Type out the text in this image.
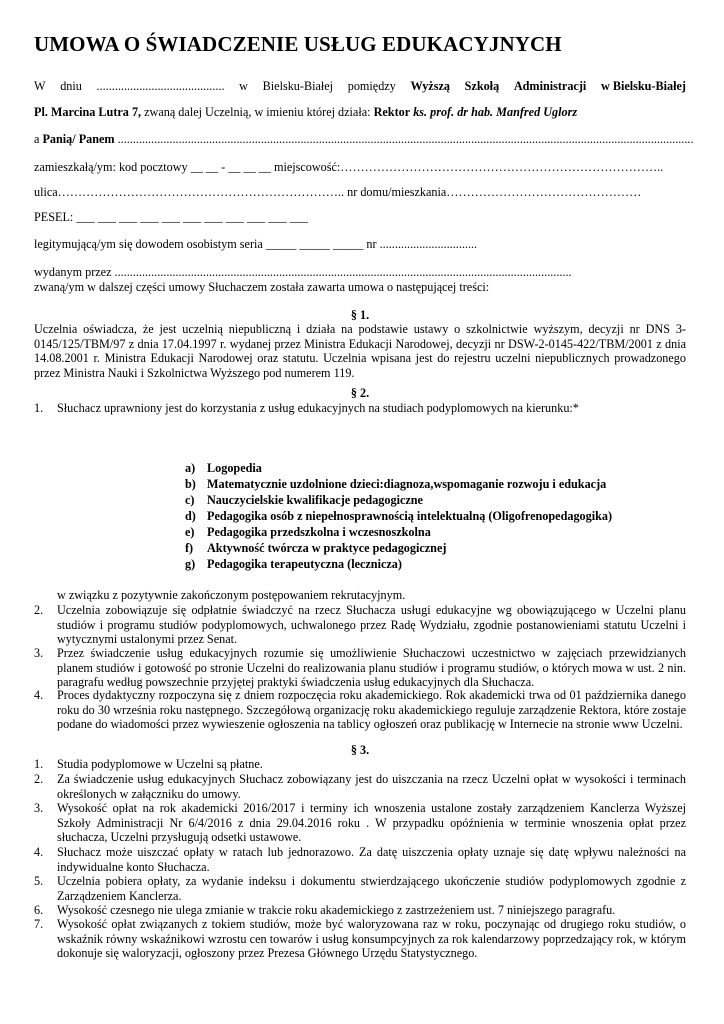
UMOWA O ŚWIADCZENIE USŁUG EDUKACYJNYCH
W dniu .......................................... w Bielsku-Białej pomiędzy Wyższą Szkołą Administracji w Bielsku-Białej
Pl. Marcina Lutra 7, zwaną dalej Uczelnią, w imieniu której działa: Rektor ks. prof. dr hab. Manfred Uglorz
a Panią/ Panem .............................................................................................................................................................................................
zamieszkałą/ym: kod pocztowy __ __ - __ __ __ miejscowość:……………………………………………………………………..
ulica…………………………………………………………….. nr domu/mieszkania…………………………………………
PESEL: ___ ___ ___ ___ ___ ___ ___ ___ ___ ___ ___
legitymującą/ym się dowodem osobistym seria _____ _____ _____ nr ................................
wydanym przez ......................................................................................................................................................
zwaną/ym w dalszej części umowy Słuchaczem została zawarta umowa o następującej treści:
§ 1.
Uczelnia oświadcza, że jest uczelnią niepubliczną i działa na podstawie ustawy o szkolnictwie wyższym, decyzji nr DNS 3- 0145/125/TBM/97 z dnia 17.04.1997 r. wydanej przez Ministra Edukacji Narodowej, decyzji nr DSW-2-0145-422/TBM/2001 z dnia 14.08.2001 r. Ministra Edukacji Narodowej oraz statutu. Uczelnia wpisana jest do rejestru uczelni niepublicznych prowadzonego przez Ministra Nauki i Szkolnictwa Wyższego pod numerem 119.
§ 2.
1. Słuchacz uprawniony jest do korzystania z usług edukacyjnych na studiach podyplomowych na kierunku:*
a) Logopedia
b) Matematycznie uzdolnione dzieci:diagnoza,wspomaganie rozwoju i edukacja
c) Nauczycielskie kwalifikacje pedagogiczne
d) Pedagogika osób z niepełnosprawnością intelektualną (Oligofrenopedagogika)
e) Pedagogika przedszkolna i wczesnoszkolna
f) Aktywność twórcza w praktyce pedagogicznej
g) Pedagogika terapeutyczna (lecznicza)
w związku z pozytywnie zakończonym postępowaniem rekrutacyjnym.
2. Uczelnia zobowiązuje się odpłatnie świadczyć na rzecz Słuchacza usługi edukacyjne wg obowiązującego w Uczelni planu studiów i programu studiów podyplomowych, uchwalonego przez Radę Wydziału, zgodnie postanowieniami statutu Uczelni i wytycznymi ustalonymi przez Senat.
3. Przez świadczenie usług edukacyjnych rozumie się umożliwienie Słuchaczowi uczestnictwo w zajęciach przewidzianych planem studiów i gotowość po stronie Uczelni do realizowania planu studiów i programu studiów, o których mowa w ust. 2 nin. paragrafu według powszechnie przyjętej praktyki świadczenia usług edukacyjnych dla Słuchacza.
4. Proces dydaktyczny rozpoczyna się z dniem rozpoczęcia roku akademickiego. Rok akademicki trwa od 01 października danego roku do 30 września roku następnego. Szczegółową organizację roku akademickiego reguluje zarządzenie Rektora, które zostaje podane do wiadomości przez wywieszenie ogłoszenia na tablicy ogłoszeń oraz publikację w Internecie na stronie www Uczelni.
§ 3.
1. Studia podyplomowe w Uczelni są płatne.
2. Za świadczenie usług edukacyjnych Słuchacz zobowiązany jest do uiszczania na rzecz Uczelni opłat w wysokości i terminach określonych w załączniku do umowy.
3. Wysokość opłat na rok akademicki 2016/2017 i terminy ich wnoszenia ustalone zostały zarządzeniem Kanclerza Wyższej Szkoły Administracji Nr 6/4/2016 z dnia 29.04.2016 roku . W przypadku opóźnienia w terminie wnoszenia opłat przez słuchacza, Uczelni przysługują odsetki ustawowe.
4. Słuchacz może uiszczać opłaty w ratach lub jednorazowo. Za datę uiszczenia opłaty uznaje się datę wpływu należności na indywidualne konto Słuchacza.
5. Uczelnia pobiera opłaty, za wydanie indeksu i dokumentu stwierdzającego ukończenie studiów podyplomowych zgodnie z Zarządzeniem Kanclerza.
6. Wysokość czesnego nie ulega zmianie w trakcie roku akademickiego z zastrzeżeniem ust. 7 niniejszego paragrafu.
7. Wysokość opłat związanych z tokiem studiów, może być waloryzowana raz w roku, poczynając od drugiego roku studiów, o wskaźnik równy wskaźnikowi wzrostu cen towarów i usług konsumpcyjnych za rok kalendarzowy poprzedzający rok, w którym dokonuje się waloryzacji, ogłoszony przez Prezesa Głównego Urzędu Statystycznego.
